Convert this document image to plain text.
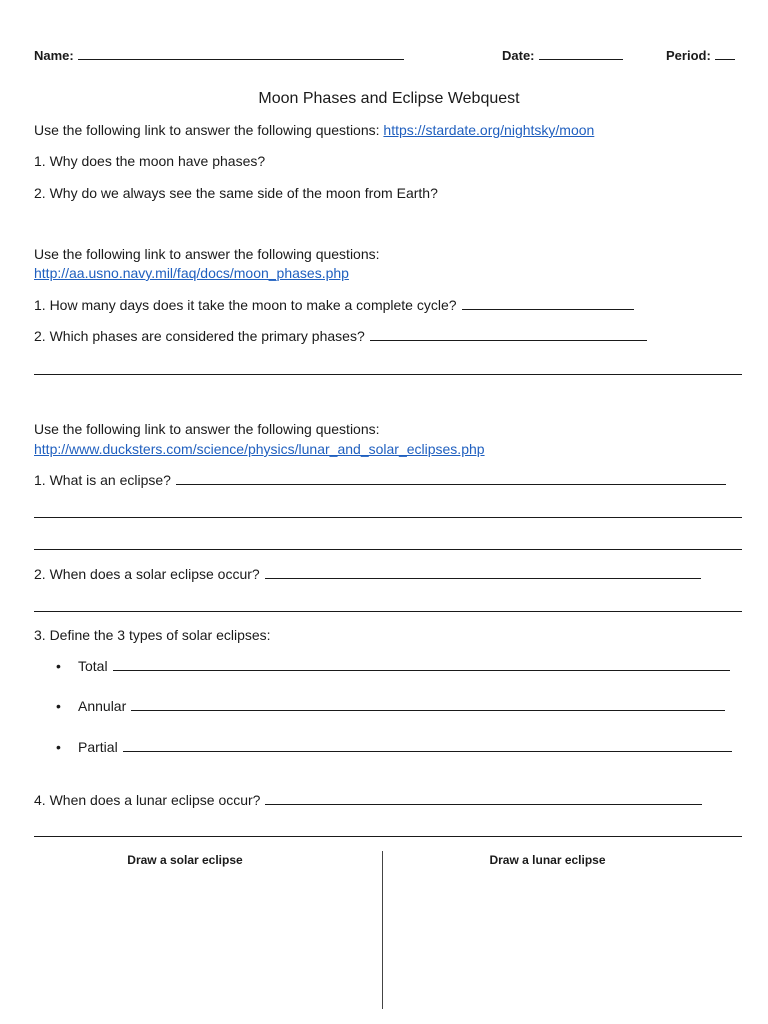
Name:	Date:	Period:
Moon Phases and Eclipse Webquest
Use the following link to answer the following questions: https://stardate.org/nightsky/moon
1. Why does the moon have phases?
2. Why do we always see the same side of the moon from Earth?
Use the following link to answer the following questions:
http://aa.usno.navy.mil/faq/docs/moon_phases.php
1. How many days does it take the moon to make a complete cycle?
2. Which phases are considered the primary phases?
Use the following link to answer the following questions:
http://www.ducksters.com/science/physics/lunar_and_solar_eclipses.php
1. What is an eclipse?
2. When does a solar eclipse occur?
3. Define the 3 types of solar eclipses:
•	Total
•	Annular
•	Partial
4. When does a lunar eclipse occur?
Draw a solar eclipse	Draw a lunar eclipse
